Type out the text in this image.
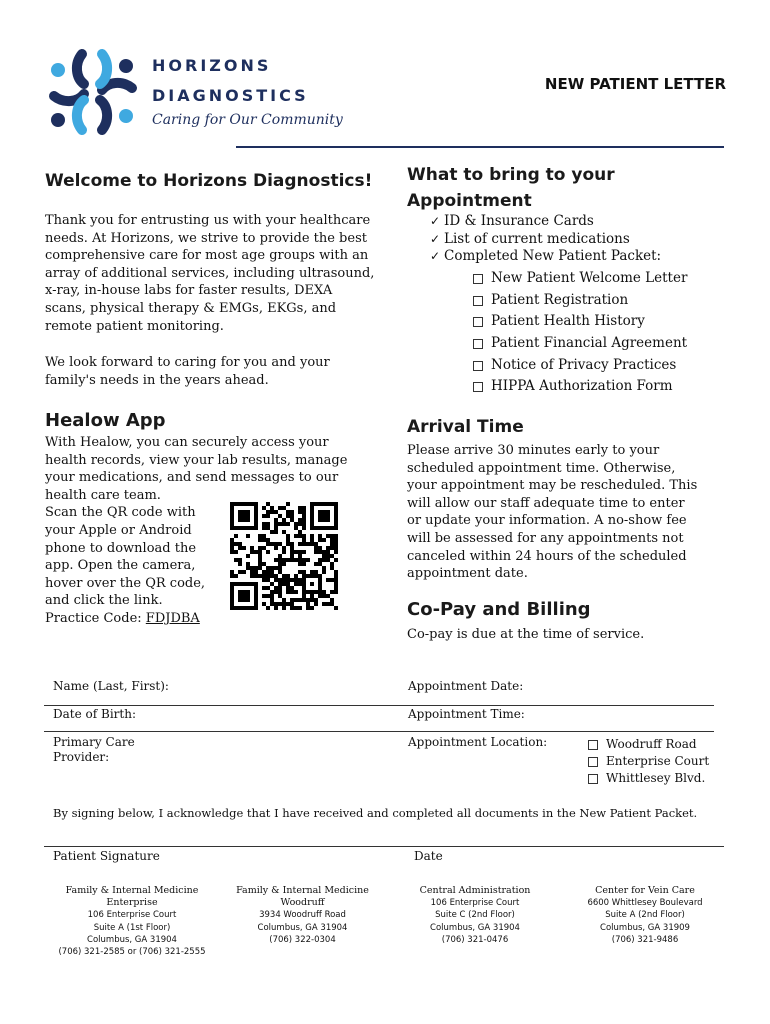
HORIZONS
DIAGNOSTICS
Caring for Our Community
NEW PATIENT LETTER
Welcome to Horizons Diagnostics!
Thank you for entrusting us with your healthcare
needs. At Horizons, we strive to provide the best
comprehensive care for most age groups with an
array of additional services, including ultrasound,
x-ray, in-house labs for faster results, DEXA
scans, physical therapy & EMGs, EKGs, and
remote patient monitoring.
We look forward to caring for you and your
family's needs in the years ahead.
What to bring to your
Appointment
✓ ID & Insurance Cards
✓ List of current medications
✓ Completed New Patient Packet:
New Patient Welcome Letter
Patient Registration
Patient Health History
Patient Financial Agreement
Notice of Privacy Practices
HIPPA Authorization Form
Healow App
With Healow, you can securely access your
health records, view your lab results, manage
your medications, and send messages to our
health care team.
Scan the QR code with
your Apple or Android
phone to download the
app. Open the camera,
hover over the QR code,
and click the link.
Practice Code: FDJDBA
Arrival Time
Please arrive 30 minutes early to your
scheduled appointment time. Otherwise,
your appointment may be rescheduled. This
will allow our staff adequate time to enter
or update your information. A no-show fee
will be assessed for any appointments not
canceled within 24 hours of the scheduled
appointment date.
Co-Pay and Billing
Co-pay is due at the time of service.
Name (Last, First):	Appointment Date:
Date of Birth:	Appointment Time:
Primary Care
Provider:
Appointment Location:	Woodruff Road
Enterprise Court
Whittlesey Blvd.
By signing below, I acknowledge that I have received and completed all documents in the New Patient Packet.
Patient Signature	Date
Family & Internal Medicine
Enterprise
106 Enterprise Court
Suite A (1st Floor)
Columbus, GA 31904
(706) 321-2585 or (706) 321-2555
Family & Internal Medicine
Woodruff
3934 Woodruff Road
Columbus, GA 31904
(706) 322-0304
Central Administration
106 Enterprise Court
Suite C (2nd Floor)
Columbus, GA 31904
(706) 321-0476
Center for Vein Care
6600 Whittlesey Boulevard
Suite A (2nd Floor)
Columbus, GA 31909
(706) 321-9486
